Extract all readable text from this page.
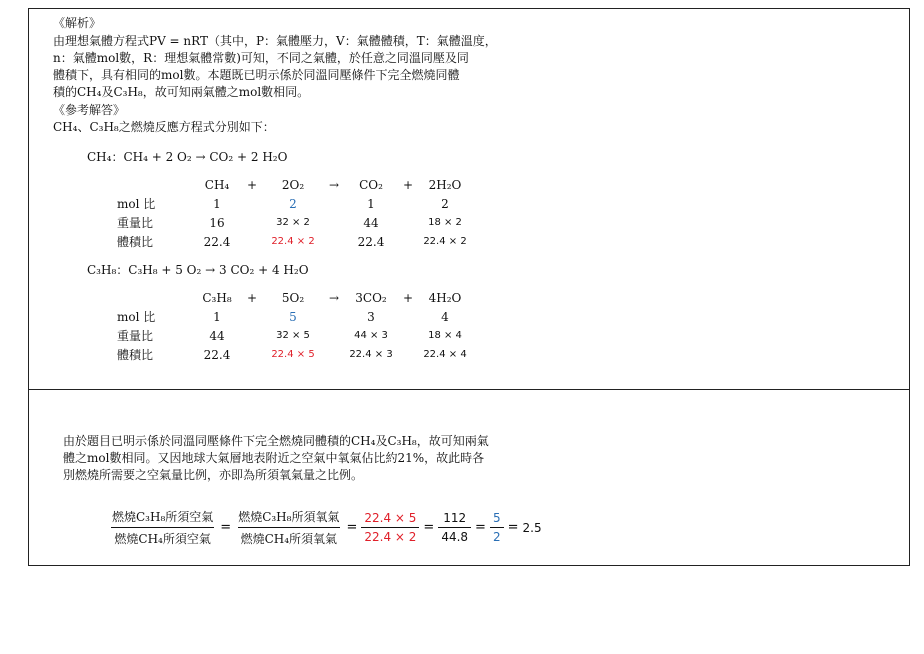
《解析》
由理想氣體方程式PV = nRT（其中，P：氣體壓力，V：氣體體積，T：氣體溫度，
n：氣體mol數，R：理想氣體常數)可知，不同之氣體，於任意之同溫同壓及同
體積下，具有相同的mol數。本題既已明示係於同溫同壓條件下完全燃燒同體
積的CH₄及C₃H₈，故可知兩氣體之mol數相同。
《參考解答》
CH₄、C₃H₈之燃燒反應方程式分別如下：
CH₄：CH₄ + 2 O₂ → CO₂ + 2 H₂O
	CH₄	+	2O₂	→	CO₂	+	2H₂O
mol 比	1		2		1		2
重量比	16		32 × 2		44		18 × 2
體積比	22.4		22.4 × 2		22.4		22.4 × 2
C₃H₈：C₃H₈ + 5 O₂ → 3 CO₂ + 4 H₂O
	C₃H₈	+	5O₂	→	3CO₂	+	4H₂O
mol 比	1		5		3		4
重量比	44		32 × 5		44 × 3		18 × 4
體積比	22.4		22.4 × 5		22.4 × 3		22.4 × 4
由於題目已明示係於同溫同壓條件下完全燃燒同體積的CH₄及C₃H₈，故可知兩氣
體之mol數相同。又因地球大氣層地表附近之空氣中氧氣佔比約21%，故此時各
別燃燒所需要之空氣量比例，亦即為所須氧氣量之比例。
$\frac{\text{燃燒C₃H₈所須空氣}}{\text{燃燒CH₄所須空氣}} = \frac{\text{燃燒C₃H₈所須氧氣}}{\text{燃燒CH₄所須氧氣}} = \frac{22.4 \times 5}{22.4 \times 2} = \frac{112}{44.8} = \frac{5}{2} = 2.5$
